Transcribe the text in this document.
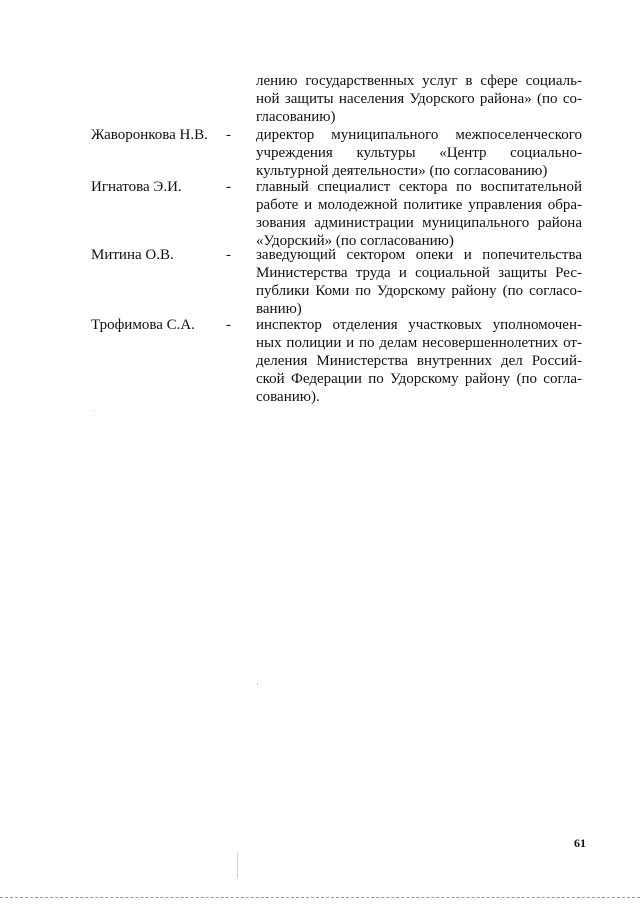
лению государственных услуг в сфере социаль-
ной защиты населения Удорского района» (по со-
гласованию)
Жаворонкова Н.В. - директор муниципального межпоселенческого
учреждения культуры «Центр социально-
культурной деятельности» (по согласованию)
Игнатова Э.И.	- главный специалист сектора по воспитательной
работе и молодежной политике управления обра-
зования администрации муниципального района
«Удорский» (по согласованию)
Митина О.В.	- заведующий сектором опеки и попечительства
Министерства труда и социальной защиты Рес-
публики Коми по Удорскому району (по согласо-
ванию)
Трофимова С.А. - инспектор отделения участковых уполномочен-
ных полиции и по делам несовершеннолетних от-
деления Министерства внутренних дел Россий-
ской Федерации по Удорскому району (по согла-
сованию).
61
